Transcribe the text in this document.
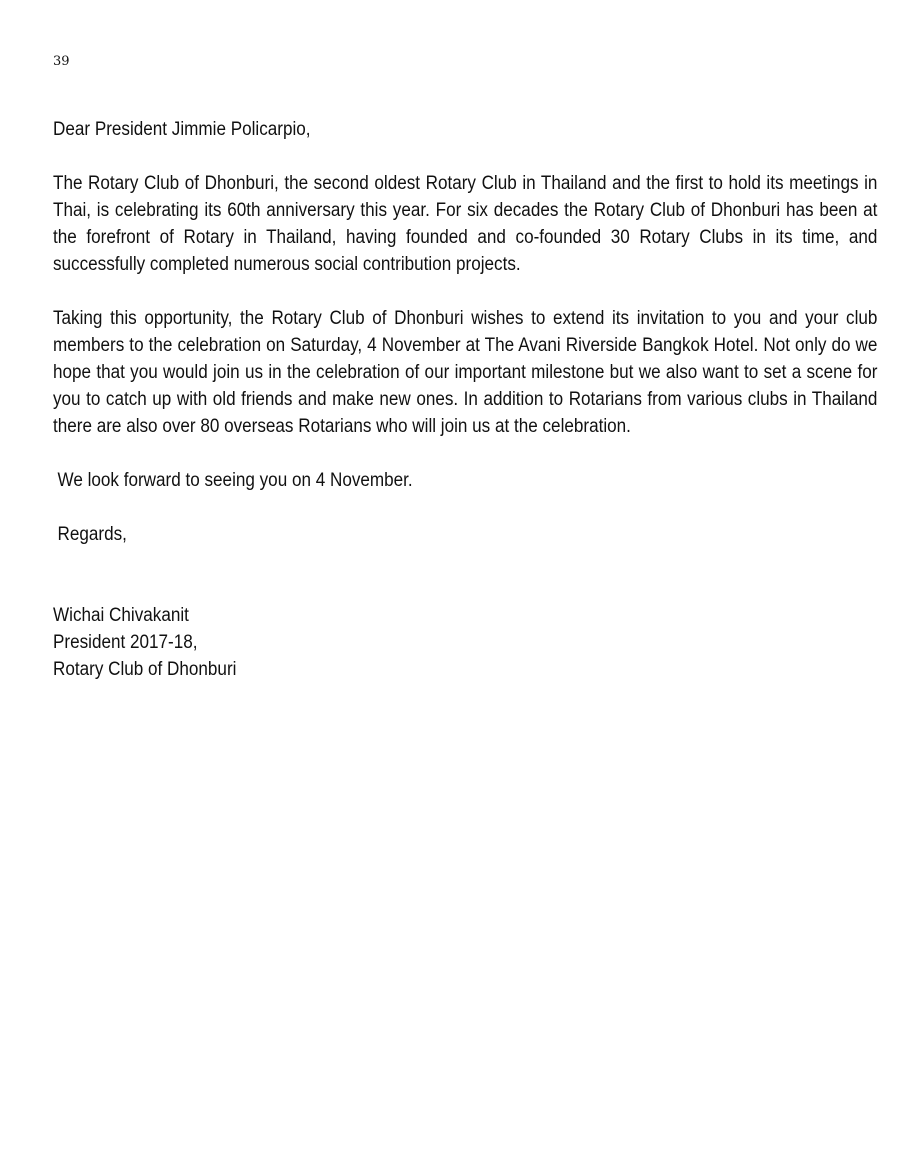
39
Dear President Jimmie Policarpio,
The Rotary Club of Dhonburi, the second oldest Rotary Club in Thailand and the first to hold its meetings in Thai, is celebrating its 60th anniversary this year. For six decades the Rotary Club of Dhonburi has been at the forefront of Rotary in Thailand, having founded and co-founded 30 Rotary Clubs in its time, and successfully completed numerous social contribution projects.
Taking this opportunity, the Rotary Club of Dhonburi wishes to extend its invitation to you and your club members to the celebration on Saturday, 4 November at The Avani Riverside Bangkok Hotel. Not only do we hope that you would join us in the celebration of our important milestone but we also want to set a scene for you to catch up with old friends and make new ones. In addition to Rotarians from various clubs in Thailand there are also over 80 overseas Rotarians who will join us at the celebration.
We look forward to seeing you on 4 November.
Regards,
Wichai Chivakanit
President 2017-18,
Rotary Club of Dhonburi
